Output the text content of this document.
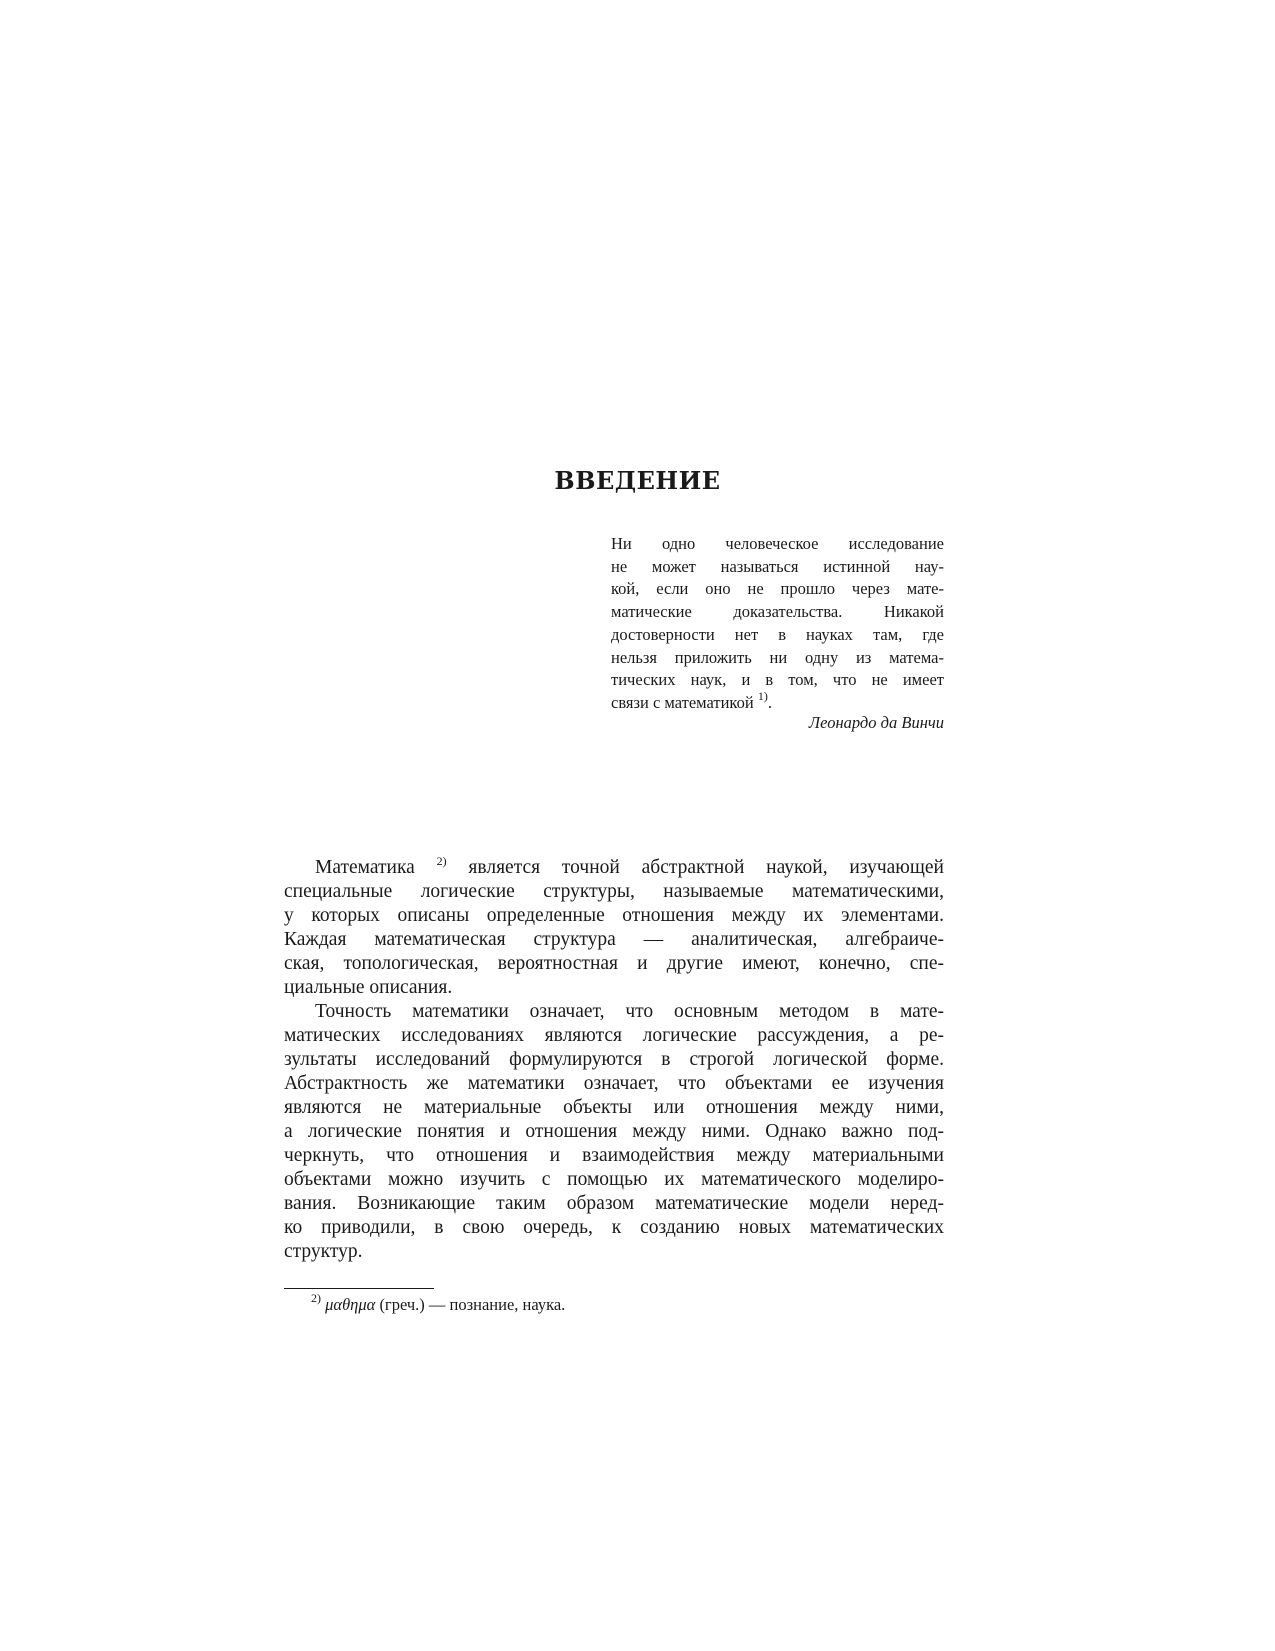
ВВЕДЕНИЕ
Ни одно человеческое исследование
не может называться истинной нау-
кой, если оно не прошло через мате-
матические доказательства. Никакой
достоверности нет в науках там, где
нельзя приложить ни одну из матема-
тических наук, и в том, что не имеет
связи с математикой $^{1)}$.
Леонардо да Винчи
Математика $^{2)}$ является точной абстрактной наукой, изучающей
специальные логические структуры, называемые математическими,
у которых описаны определенные отношения между их элементами.
Каждая математическая структура — аналитическая, алгебраиче-
ская, топологическая, вероятностная и другие имеют, конечно, спе-
циальные описания.
Точность математики означает, что основным методом в мате-
матических исследованиях являются логические рассуждения, а ре-
зультаты исследований формулируются в строгой логической форме.
Абстрактность же математики означает, что объектами ее изучения
являются не материальные объекты или отношения между ними,
а логические понятия и отношения между ними. Однако важно под-
черкнуть, что отношения и взаимодействия между материальными
объектами можно изучить с помощью их математического моделиро-
вания. Возникающие таким образом математические модели неред-
ко приводили, в свою очередь, к созданию новых математических
структур.
$^{2)}$ μαθημα (греч.) — познание, наука.
